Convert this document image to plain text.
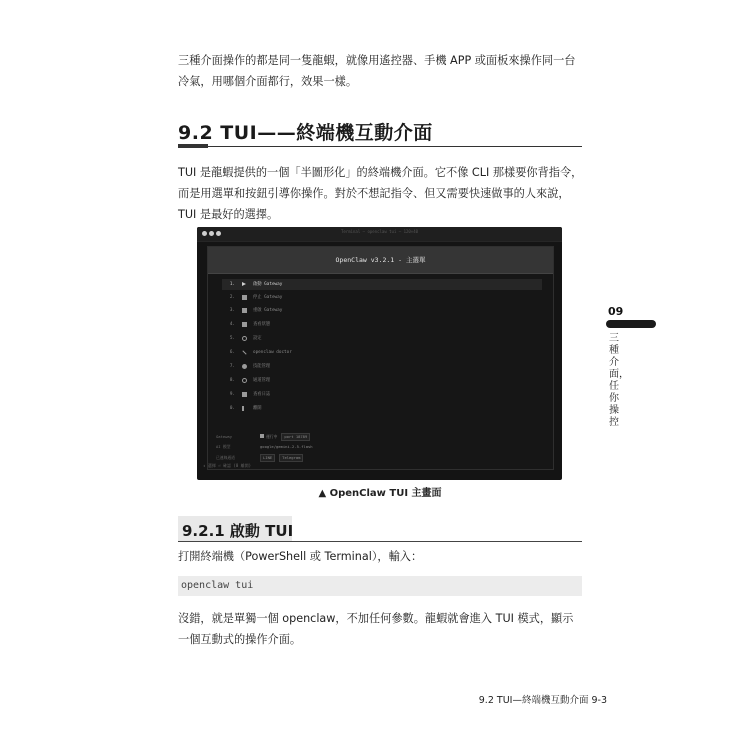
三種介面操作的都是同一隻龍蝦，就像用遙控器、手機 APP 或面板來操作同一台冷氣，用哪個介面都行，效果一樣。

9.2 TUI——終端機互動介面

TUI 是龍蝦提供的一個「半圖形化」的終端機介面。它不像 CLI 那樣要你背指令，而是用選單和按鈕引導你操作。對於不想記指令、但又需要快速做事的人來說，TUI 是最好的選擇。

Terminal — openclaw tui — 120×40
OpenClaw v3.2.1 - 主選單
1.	啟動 Gateway
2.	停止 Gateway
3.	重啟 Gateway
4.	查看狀態
5.	設定
6.	openclaw doctor
7.	技能管理
8.	通道管理
9.	查看日誌
0.	離開
Gateway	運行中 port 18789
AI 模型	google/gemini-2.5-flash
已連線通道	LINE	Telegram
↕ 選擇 ⏎ 確認 (0 離開)
▲ OpenClaw TUI 主畫面
9.2.1 啟動 TUI

打開終端機（PowerShell 或 Terminal），輸入：

openclaw tui

沒錯，就是單獨一個 openclaw，不加任何參數。龍蝦就會進入 TUI 模式，顯示一個互動式的操作介面。

09
三種介面，任你操控
9.2 TUI—終端機互動介面 9-3
